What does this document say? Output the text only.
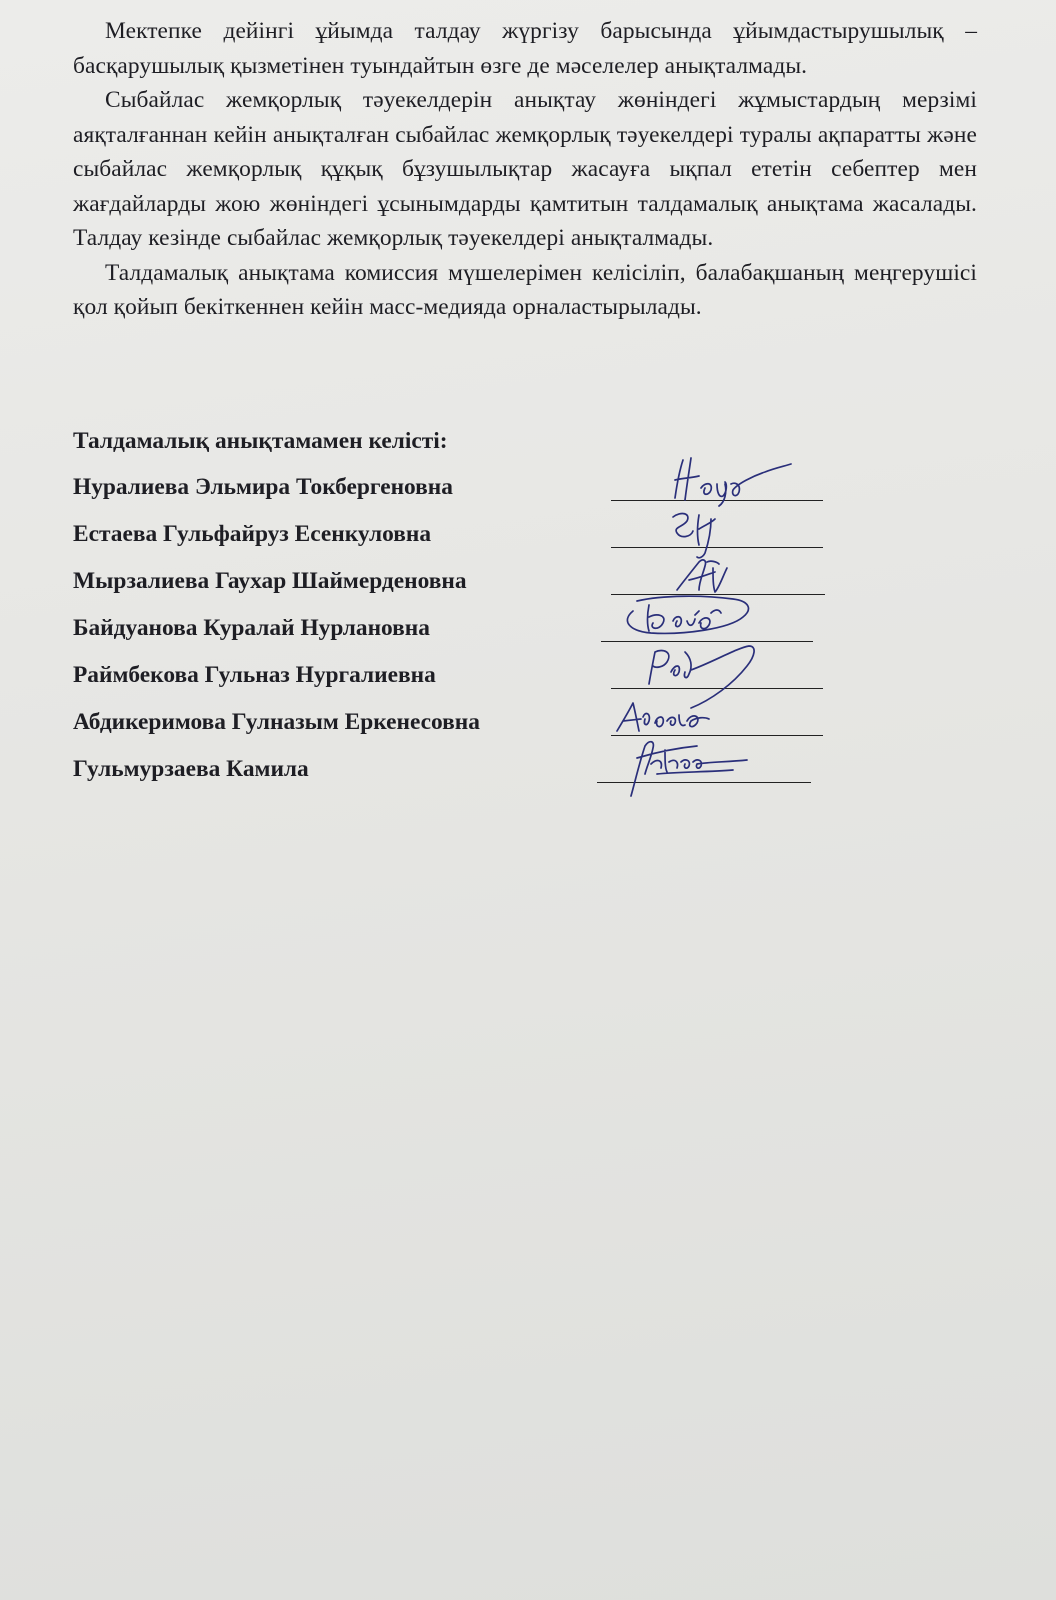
Мектепке дейінгі ұйымда талдау жүргізу барысында ұйымдастырушылық – басқарушылық қызметінен туындайтын өзге де мәселелер анықталмады.

Сыбайлас жемқорлық тәуекелдерін анықтау жөніндегі жұмыстардың мерзімі аяқталғаннан кейін анықталған сыбайлас жемқорлық тәуекелдері туралы ақпаратты және сыбайлас жемқорлық құқық бұзушылықтар жасауға ықпал ететін себептер мен жағдайларды жою жөніндегі ұсынымдарды қамтитын талдамалық анықтама жасалады. Талдау кезінде сыбайлас жемқорлық тәуекелдері анықталмады.

Талдамалық анықтама комиссия мүшелерімен келісіліп, балабақшаның меңгерушісі қол қойып бекіткеннен кейін масс-медияда орналастырылады.

Талдамалық анықтамамен келісті:
Нуралиева Эльмира Токбергеновна
Естаева Гульфайруз Есенкуловна
Мырзалиева Гаухар Шаймерденовна
Байдуанова Куралай Нурлановна
Раймбекова Гульназ Нургалиевна
Абдикеримова Гулназым Еркенесовна
Гульмурзаева Камила
